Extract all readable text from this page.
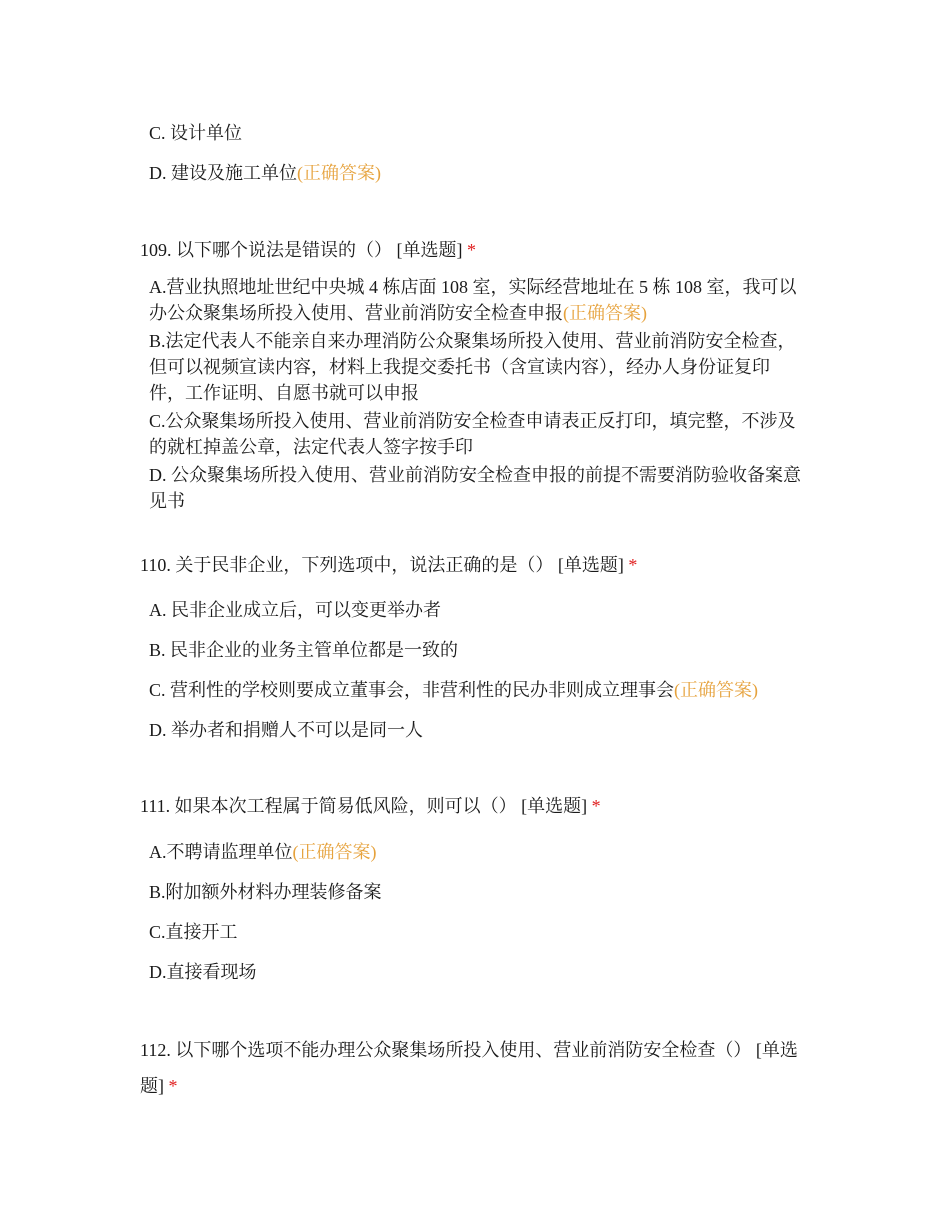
C. 设计单位

D. 建设及施工单位(正确答案)

109. 以下哪个说法是错误的（） [单选题] *

A.营业执照地址世纪中央城 4 栋店面 108 室，实际经营地址在 5 栋 108 室，我可以办公众聚集场所投入使用、营业前消防安全检查申报(正确答案)

B.法定代表人不能亲自来办理消防公众聚集场所投入使用、营业前消防安全检查，但可以视频宣读内容，材料上我提交委托书（含宣读内容），经办人身份证复印件，工作证明、自愿书就可以申报

C.公众聚集场所投入使用、营业前消防安全检查申请表正反打印，填完整，不涉及的就杠掉盖公章，法定代表人签字按手印

D. 公众聚集场所投入使用、营业前消防安全检查申报的前提不需要消防验收备案意见书

110. 关于民非企业，下列选项中，说法正确的是（） [单选题] *

A. 民非企业成立后，可以变更举办者

B. 民非企业的业务主管单位都是一致的

C. 营利性的学校则要成立董事会，非营利性的民办非则成立理事会(正确答案)

D. 举办者和捐赠人不可以是同一人

111. 如果本次工程属于简易低风险，则可以（） [单选题] *

A.不聘请监理单位(正确答案)

B.附加额外材料办理装修备案

C.直接开工

D.直接看现场

112. 以下哪个选项不能办理公众聚集场所投入使用、营业前消防安全检查（） [单选题] *
